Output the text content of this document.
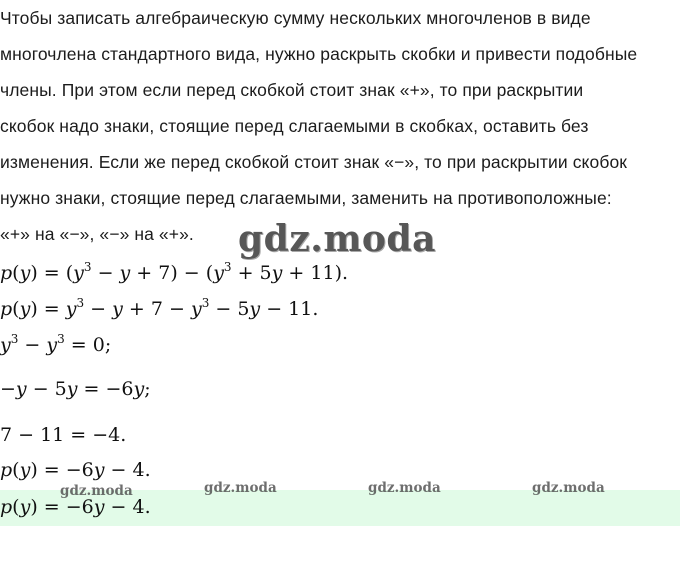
Чтобы записать алгебраическую сумму нескольких многочленов в виде
многочлена стандартного вида, нужно раскрыть скобки и привести подобные
члены. При этом если перед скобкой стоит знак «+», то при раскрытии
скобок надо знаки, стоящие перед слагаемыми в скобках, оставить без
изменения. Если же перед скобкой стоит знак «−», то при раскрытии скобок
нужно знаки, стоящие перед слагаемыми, заменить на противоположные:
«+» на «−», «−» на «+».	gdz.moda
$p(y) = (y^3 - y + 7) - (y^3 + 5y + 11)$.
$p(y) = y^3 - y + 7 - y^3 - 5y - 11$.
$y^3 - y^3 = 0$;
−y − 5y = −6y;
7 − 11 = −4.
p(y) = −6y − 4.
gdz.moda	gdz.moda	gdz.moda	gdz.moda
p(y) = −6y − 4.
